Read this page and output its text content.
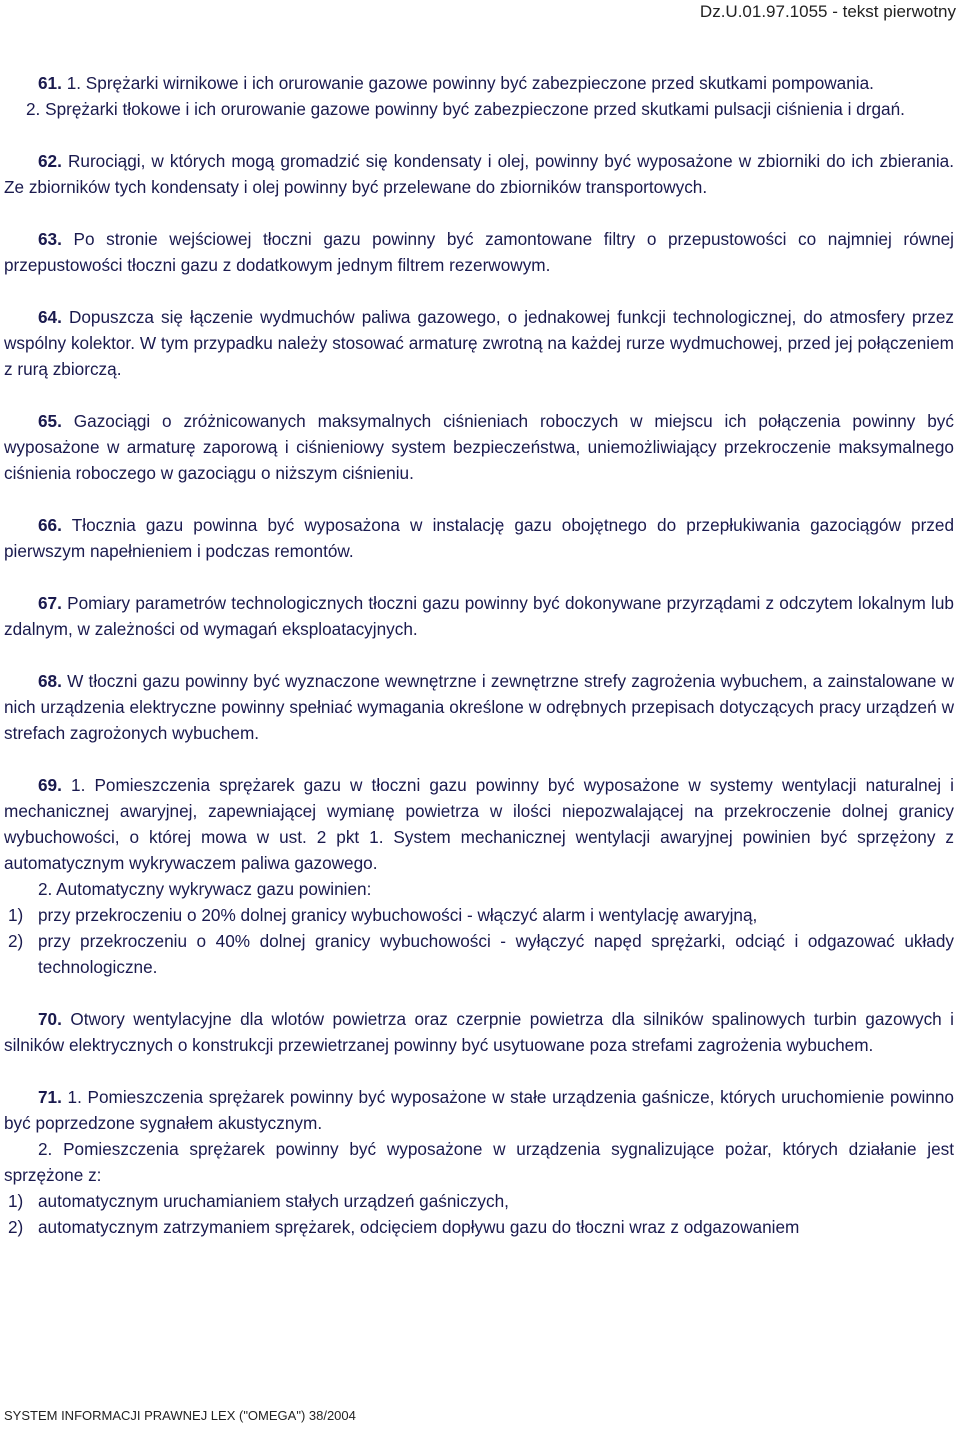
Dz.U.01.97.1055 - tekst pierwotny

61. 1. Sprężarki wirnikowe i ich orurowanie gazowe powinny być zabezpieczone przed skutkami pompowania.

2. Sprężarki tłokowe i ich orurowanie gazowe powinny być zabezpieczone przed skutkami pulsacji ciśnienia i drgań.

62. Rurociągi, w których mogą gromadzić się kondensaty i olej, powinny być wyposażone w zbiorniki do ich zbierania. Ze zbiorników tych kondensaty i olej powinny być przelewane do zbiorników transportowych.

63. Po stronie wejściowej tłoczni gazu powinny być zamontowane filtry o przepustowości co najmniej równej przepustowości tłoczni gazu z dodatkowym jednym filtrem rezerwowym.

64. Dopuszcza się łączenie wydmuchów paliwa gazowego, o jednakowej funkcji technologicznej, do atmosfery przez wspólny kolektor. W tym przypadku należy stosować armaturę zwrotną na każdej rurze wydmuchowej, przed jej połączeniem z rurą zbiorczą.

65. Gazociągi o zróżnicowanych maksymalnych ciśnieniach roboczych w miejscu ich połączenia powinny być wyposażone w armaturę zaporową i ciśnieniowy system bezpieczeństwa, uniemożliwiający przekroczenie maksymalnego ciśnienia roboczego w gazociągu o niższym ciśnieniu.

66. Tłocznia gazu powinna być wyposażona w instalację gazu obojętnego do przepłukiwania gazociągów przed pierwszym napełnieniem i podczas remontów.

67. Pomiary parametrów technologicznych tłoczni gazu powinny być dokonywane przyrządami z odczytem lokalnym lub zdalnym, w zależności od wymagań eksploatacyjnych.

68. W tłoczni gazu powinny być wyznaczone wewnętrzne i zewnętrzne strefy zagrożenia wybuchem, a zainstalowane w nich urządzenia elektryczne powinny spełniać wymagania określone w odrębnych przepisach dotyczących pracy urządzeń w strefach zagrożonych wybuchem.

69. 1. Pomieszczenia sprężarek gazu w tłoczni gazu powinny być wyposażone w systemy wentylacji naturalnej i mechanicznej awaryjnej, zapewniającej wymianę powietrza w ilości niepozwalającej na przekroczenie dolnej granicy wybuchowości, o której mowa w ust. 2 pkt 1. System mechanicznej wentylacji awaryjnej powinien być sprzężony z automatycznym wykrywaczem paliwa gazowego.

2. Automatyczny wykrywacz gazu powinien:

1) przy przekroczeniu o 20% dolnej granicy wybuchowości - włączyć alarm i wentylację awaryjną,
2) przy przekroczeniu o 40% dolnej granicy wybuchowości - wyłączyć napęd sprężarki, odciąć i odgazować układy technologiczne.

70. Otwory wentylacyjne dla wlotów powietrza oraz czerpnie powietrza dla silników spalinowych turbin gazowych i silników elektrycznych o konstrukcji przewietrzanej powinny być usytuowane poza strefami zagrożenia wybuchem.

71. 1. Pomieszczenia sprężarek powinny być wyposażone w stałe urządzenia gaśnicze, których uruchomienie powinno być poprzedzone sygnałem akustycznym.

2. Pomieszczenia sprężarek powinny być wyposażone w urządzenia sygnalizujące pożar, których działanie jest sprzężone z:

1) automatycznym uruchamianiem stałych urządzeń gaśniczych,
2) automatycznym zatrzymaniem sprężarek, odcięciem dopływu gazu do tłoczni wraz z odgazowaniem
SYSTEM INFORMACJI PRAWNEJ LEX ("OMEGA") 38/2004
